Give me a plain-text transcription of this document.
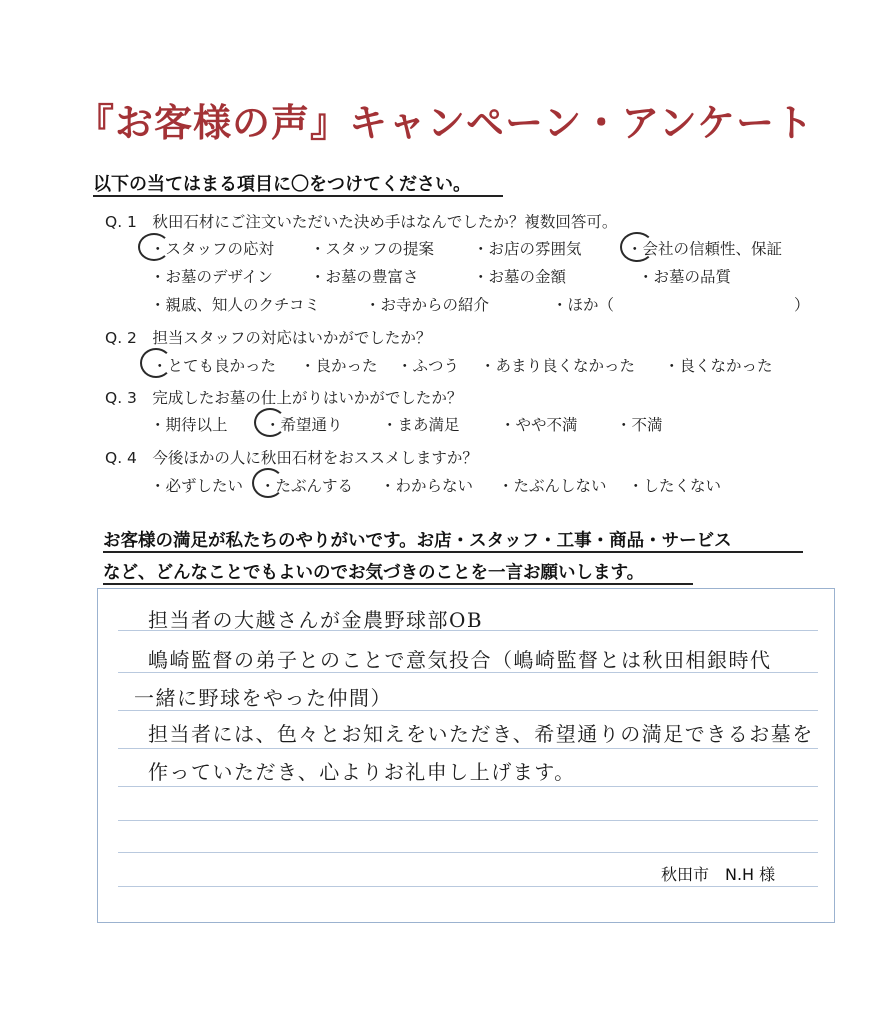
『お客様の声』キャンペーン・アンケート
以下の当てはまる項目に〇をつけてください。
Q. 1　秋田石材にご注文いただいた決め手はなんでしたか？複数回答可。
・スタッフの応対 ・スタッフの提案	・お店の雰囲気	・会社の信頼性、保証
・お墓のデザイン ・お墓の豊富さ	・お墓の金額	・お墓の品質
・親戚、知人のクチコミ	・お寺からの紹介	・ほか（	）
Q. 2　担当スタッフの対応はいかがでしたか？
・とても良かった ・良かった ・ふつう ・あまり良くなかった ・良くなかった
Q. 3　完成したお墓の仕上がりはいかがでしたか？
・期待以上 ・希望通り	・まあ満足	・やや不満 ・不満
Q. 4　今後ほかの人に秋田石材をおススメしますか？
・必ずしたい ・たぶんする ・わからない ・たぶんしない ・したくない
お客様の満足が私たちのやりがいです。お店・スタッフ・工事・商品・サービス
など、どんなことでもよいのでお気づきのことを一言お願いします。
担当者の大越さんが金農野球部OB
嶋崎監督の弟子とのことで意気投合（嶋崎監督とは秋田相銀時代
一緒に野球をやった仲間）
担当者には、色々とお知えをいただき、希望通りの満足できるお墓を
作っていただき、心よりお礼申し上げます。
秋田市　N.H 様
